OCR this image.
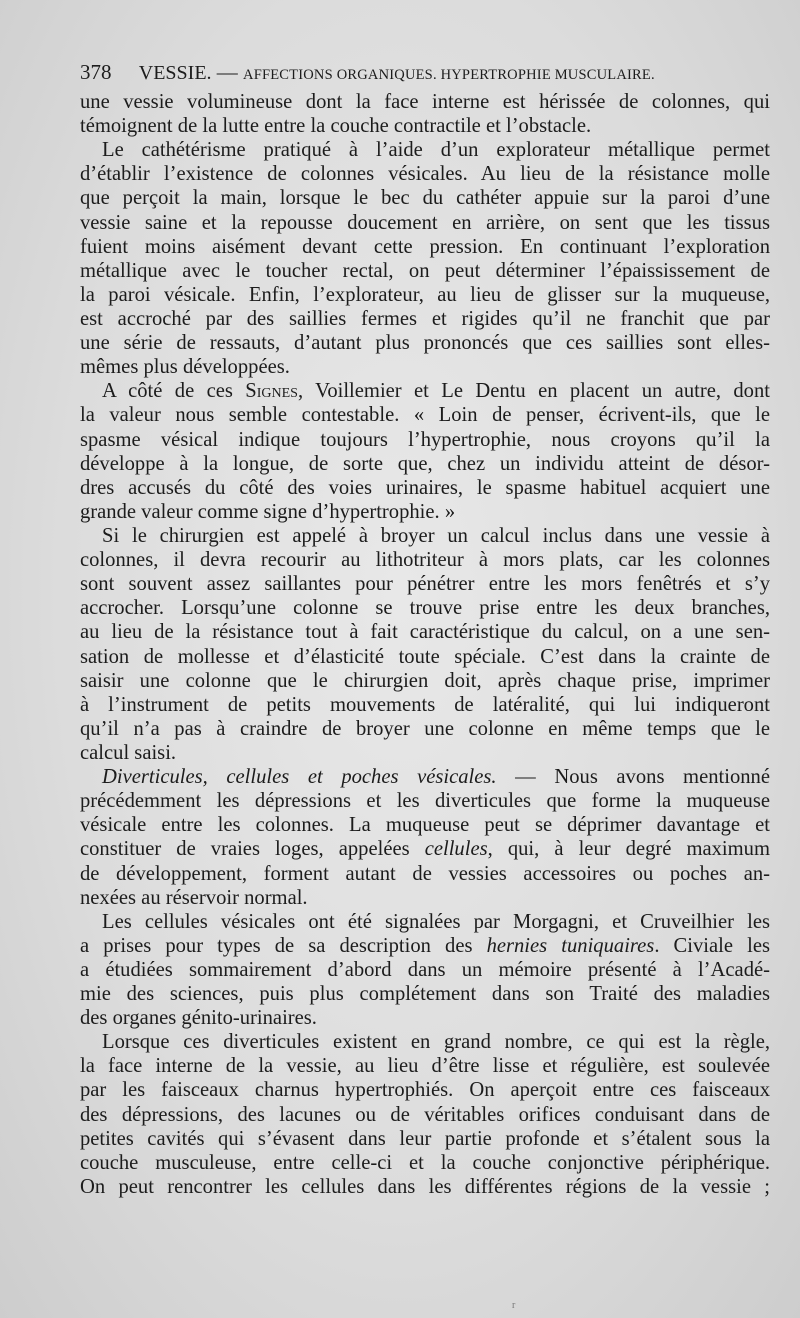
378 VESSIE. — AFFECTIONS ORGANIQUES. HYPERTROPHIE MUSCULAIRE.
une vessie volumineuse dont la face interne est hérissée de colonnes, qui
témoignent de la lutte entre la couche contractile et l’obstacle.
Le cathétérisme pratiqué à l’aide d’un explorateur métallique permet
d’établir l’existence de colonnes vésicales. Au lieu de la résistance molle
que perçoit la main, lorsque le bec du cathéter appuie sur la paroi d’une
vessie saine et la repousse doucement en arrière, on sent que les tissus
fuient moins aisément devant cette pression. En continuant l’exploration
métallique avec le toucher rectal, on peut déterminer l’épaississement de
la paroi vésicale. Enfin, l’explorateur, au lieu de glisser sur la muqueuse,
est accroché par des saillies fermes et rigides qu’il ne franchit que par
une série de ressauts, d’autant plus prononcés que ces saillies sont elles-
mêmes plus développées.
A côté de ces Signes, Voillemier et Le Dentu en placent un autre, dont
la valeur nous semble contestable. « Loin de penser, écrivent-ils, que le
spasme vésical indique toujours l’hypertrophie, nous croyons qu’il la
développe à la longue, de sorte que, chez un individu atteint de désor-
dres accusés du côté des voies urinaires, le spasme habituel acquiert une
grande valeur comme signe d’hypertrophie. »
Si le chirurgien est appelé à broyer un calcul inclus dans une vessie à
colonnes, il devra recourir au lithotriteur à mors plats, car les colonnes
sont souvent assez saillantes pour pénétrer entre les mors fenêtrés et s’y
accrocher. Lorsqu’une colonne se trouve prise entre les deux branches,
au lieu de la résistance tout à fait caractéristique du calcul, on a une sen-
sation de mollesse et d’élasticité toute spéciale. C’est dans la crainte de
saisir une colonne que le chirurgien doit, après chaque prise, imprimer
à l’instrument de petits mouvements de latéralité, qui lui indiqueront
qu’il n’a pas à craindre de broyer une colonne en même temps que le
calcul saisi.
Diverticules, cellules et poches vésicales. — Nous avons mentionné
précédemment les dépressions et les diverticules que forme la muqueuse
vésicale entre les colonnes. La muqueuse peut se déprimer davantage et
constituer de vraies loges, appelées cellules, qui, à leur degré maximum
de développement, forment autant de vessies accessoires ou poches an-
nexées au réservoir normal.
Les cellules vésicales ont été signalées par Morgagni, et Cruveilhier les
a prises pour types de sa description des hernies tuniquaires. Civiale les
a étudiées sommairement d’abord dans un mémoire présenté à l’Acadé-
mie des sciences, puis plus complétement dans son Traité des maladies
des organes génito-urinaires.
Lorsque ces diverticules existent en grand nombre, ce qui est la règle,
la face interne de la vessie, au lieu d’être lisse et régulière, est soulevée
par les faisceaux charnus hypertrophiés. On aperçoit entre ces faisceaux
des dépressions, des lacunes ou de véritables orifices conduisant dans de
petites cavités qui s’évasent dans leur partie profonde et s’étalent sous la
couche musculeuse, entre celle-ci et la couche conjonctive périphérique.
On peut rencontrer les cellules dans les différentes régions de la vessie ;
r
